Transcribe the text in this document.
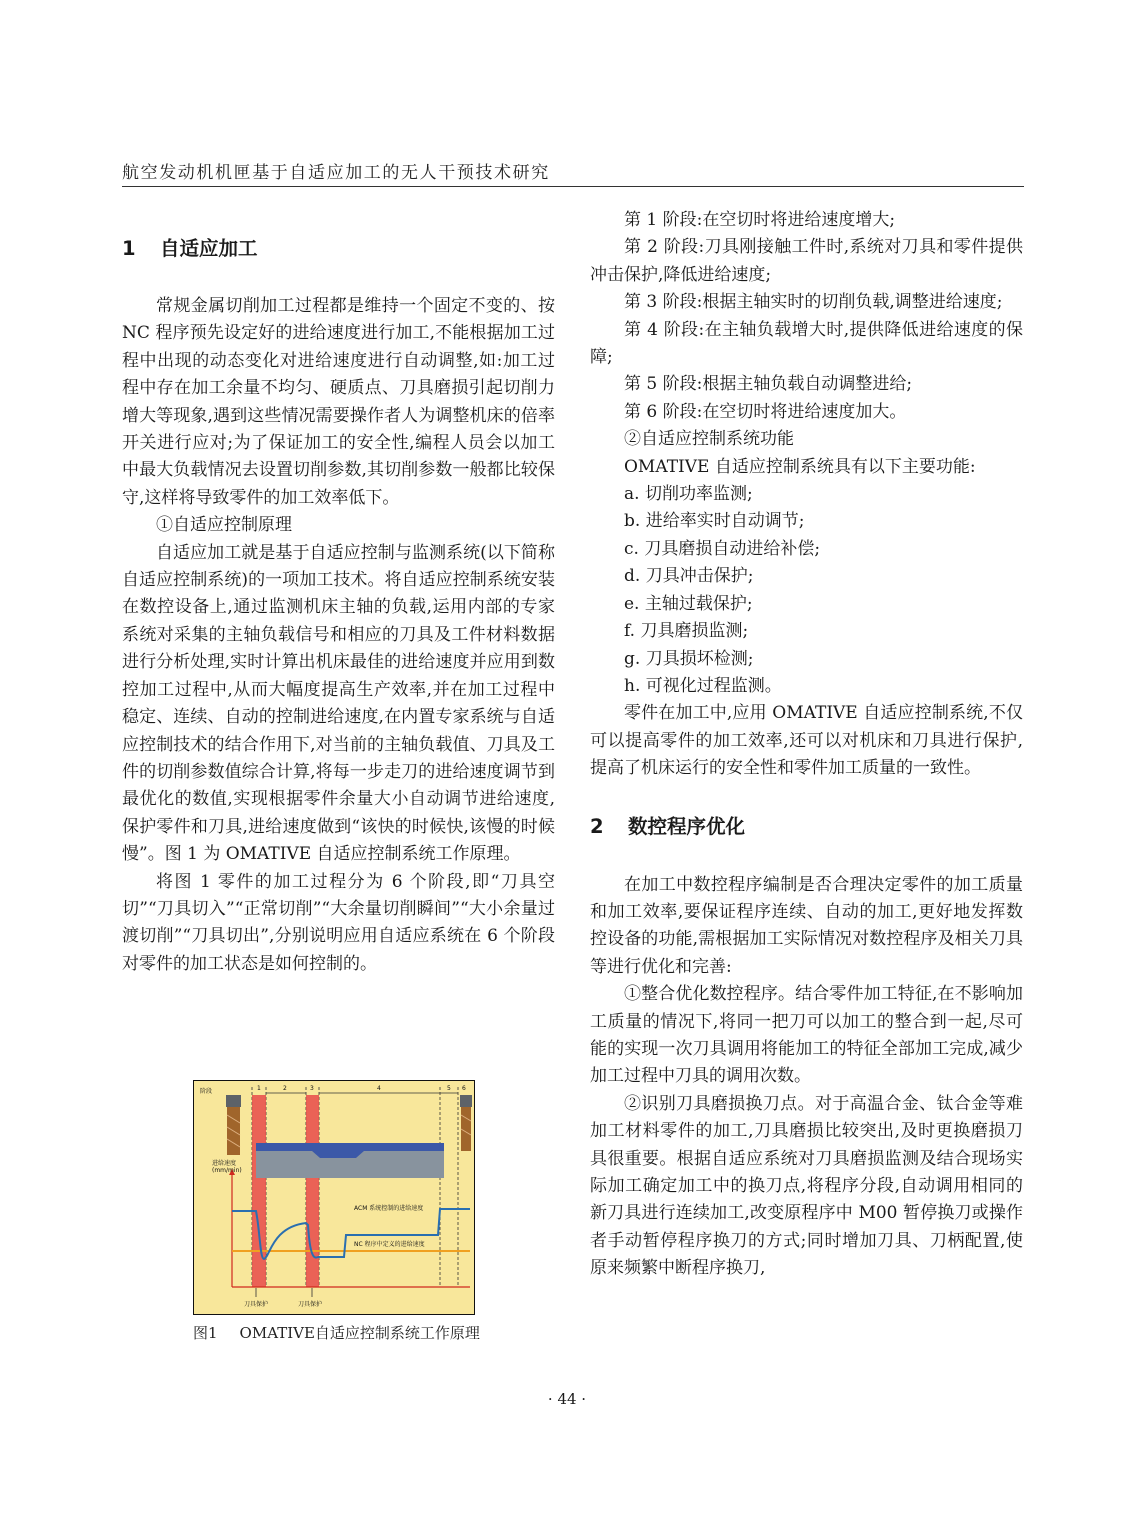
航空发动机机匣基于自适应加工的无人干预技术研究
1 自适应加工

常规金属切削加工过程都是维持一个固定不变的、按 NC 程序预先设定好的进给速度进行加工,不能根据加工过程中出现的动态变化对进给速度进行自动调整,如:加工过程中存在加工余量不均匀、硬质点、刀具磨损引起切削力增大等现象,遇到这些情况需要操作者人为调整机床的倍率开关进行应对;为了保证加工的安全性,编程人员会以加工中最大负载情况去设置切削参数,其切削参数一般都比较保守,这样将导致零件的加工效率低下。

①自适应控制原理

自适应加工就是基于自适应控制与监测系统(以下简称自适应控制系统)的一项加工技术。将自适应控制系统安装在数控设备上,通过监测机床主轴的负载,运用内部的专家系统对采集的主轴负载信号和相应的刀具及工件材料数据进行分析处理,实时计算出机床最佳的进给速度并应用到数控加工过程中,从而大幅度提高生产效率,并在加工过程中稳定、连续、自动的控制进给速度,在内置专家系统与自适应控制技术的结合作用下,对当前的主轴负载值、刀具及工件的切削参数值综合计算,将每一步走刀的进给速度调节到最优化的数值,实现根据零件余量大小自动调节进给速度,保护零件和刀具,进给速度做到“该快的时候快,该慢的时候慢”。图 1 为 OMATIVE 自适应控制系统工作原理。

将图 1 零件的加工过程分为 6 个阶段,即“刀具空切”“刀具切入”“正常切削”“大余量切削瞬间”“大小余量过渡切削”“刀具切出”,分别说明应用自适应系统在 6 个阶段对零件的加工状态是如何控制的。

阶段	1	2	3	4	5 6
进给速度
(mm/min)
ACM 系统控制的进给速度
NC 程序中定义的进给速度
刀具保护	刀具保护
图1 OMATIVE自适应控制系统工作原理

第 1 阶段:在空切时将进给速度增大;

第 2 阶段:刀具刚接触工件时,系统对刀具和零件提供冲击保护,降低进给速度;

第 3 阶段:根据主轴实时的切削负载,调整进给速度;

第 4 阶段:在主轴负载增大时,提供降低进给速度的保障;

第 5 阶段:根据主轴负载自动调整进给;

第 6 阶段:在空切时将进给速度加大。

②自适应控制系统功能

OMATIVE 自适应控制系统具有以下主要功能:

a. 切削功率监测;

b. 进给率实时自动调节;

c. 刀具磨损自动进给补偿;

d. 刀具冲击保护;

e. 主轴过载保护;

f. 刀具磨损监测;

g. 刀具损坏检测;

h. 可视化过程监测。

零件在加工中,应用 OMATIVE 自适应控制系统,不仅可以提高零件的加工效率,还可以对机床和刀具进行保护,提高了机床运行的安全性和零件加工质量的一致性。

2 数控程序优化

在加工中数控程序编制是否合理决定零件的加工质量和加工效率,要保证程序连续、自动的加工,更好地发挥数控设备的功能,需根据加工实际情况对数控程序及相关刀具等进行优化和完善:

①整合优化数控程序。结合零件加工特征,在不影响加工质量的情况下,将同一把刀可以加工的整合到一起,尽可能的实现一次刀具调用将能加工的特征全部加工完成,减少加工过程中刀具的调用次数。

②识别刀具磨损换刀点。对于高温合金、钛合金等难加工材料零件的加工,刀具磨损比较突出,及时更换磨损刀具很重要。根据自适应系统对刀具磨损监测及结合现场实际加工确定加工中的换刀点,将程序分段,自动调用相同的新刀具进行连续加工,改变原程序中 M00 暂停换刀或操作者手动暂停程序换刀的方式;同时增加刀具、刀柄配置,使原来频繁中断程序换刀,

· 44 ·
